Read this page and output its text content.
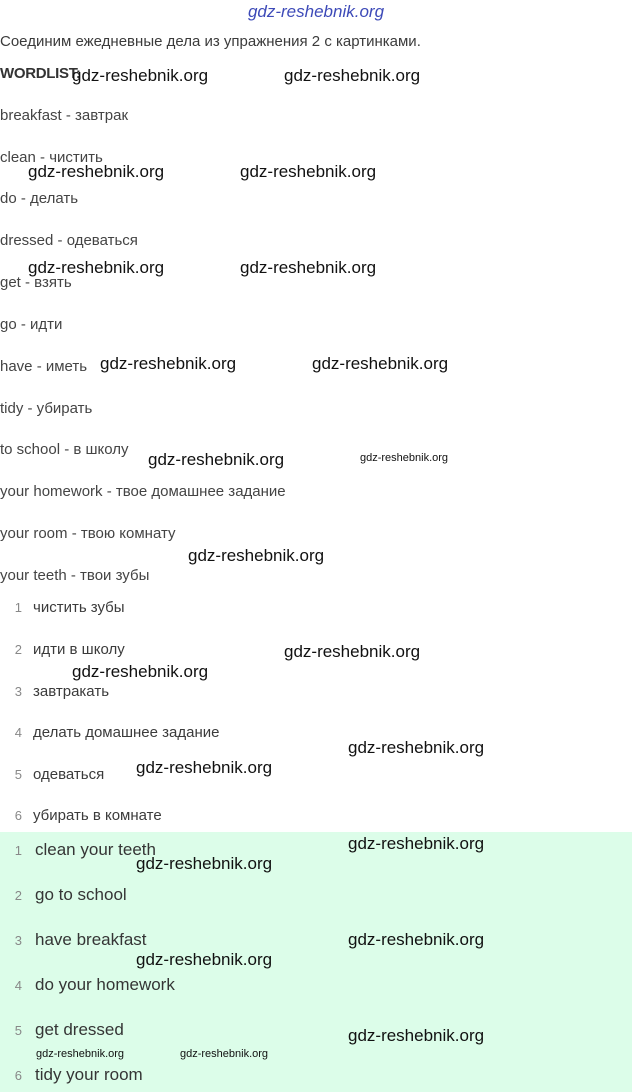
gdz-reshebnik.org
Соединим ежедневные дела из упражнения 2 с картинками.
WORDLIST:
breakfast - завтрак
clean - чистить
do - делать
dressed - одеваться
get - взять
go - идти
have - иметь
tidy - убирать
to school - в школу
your homework - твое домашнее задание
your room - твою комнату
your teeth - твои зубы
1 чистить зубы
2 идти в школу
3 завтракать
4 делать домашнее задание
5 одеваться
6 убирать в комнате
1 clean your teeth
2 go to school
3 have breakfast
4 do your homework
5 get dressed
6 tidy your room
gdz-reshebnik.org	gdz-reshebnik.org
gdz-reshebnik.org	gdz-reshebnik.org
gdz-reshebnik.org	gdz-reshebnik.org
gdz-reshebnik.org	gdz-reshebnik.org
gdz-reshebnik.org	gdz-reshebnik.org
gdz-reshebnik.org
gdz-reshebnik.org
gdz-reshebnik.org
gdz-reshebnik.org
gdz-reshebnik.org
gdz-reshebnik.org
gdz-reshebnik.org
gdz-reshebnik.org
gdz-reshebnik.org
gdz-reshebnik.org
gdz-reshebnik.org	gdz-reshebnik.org
